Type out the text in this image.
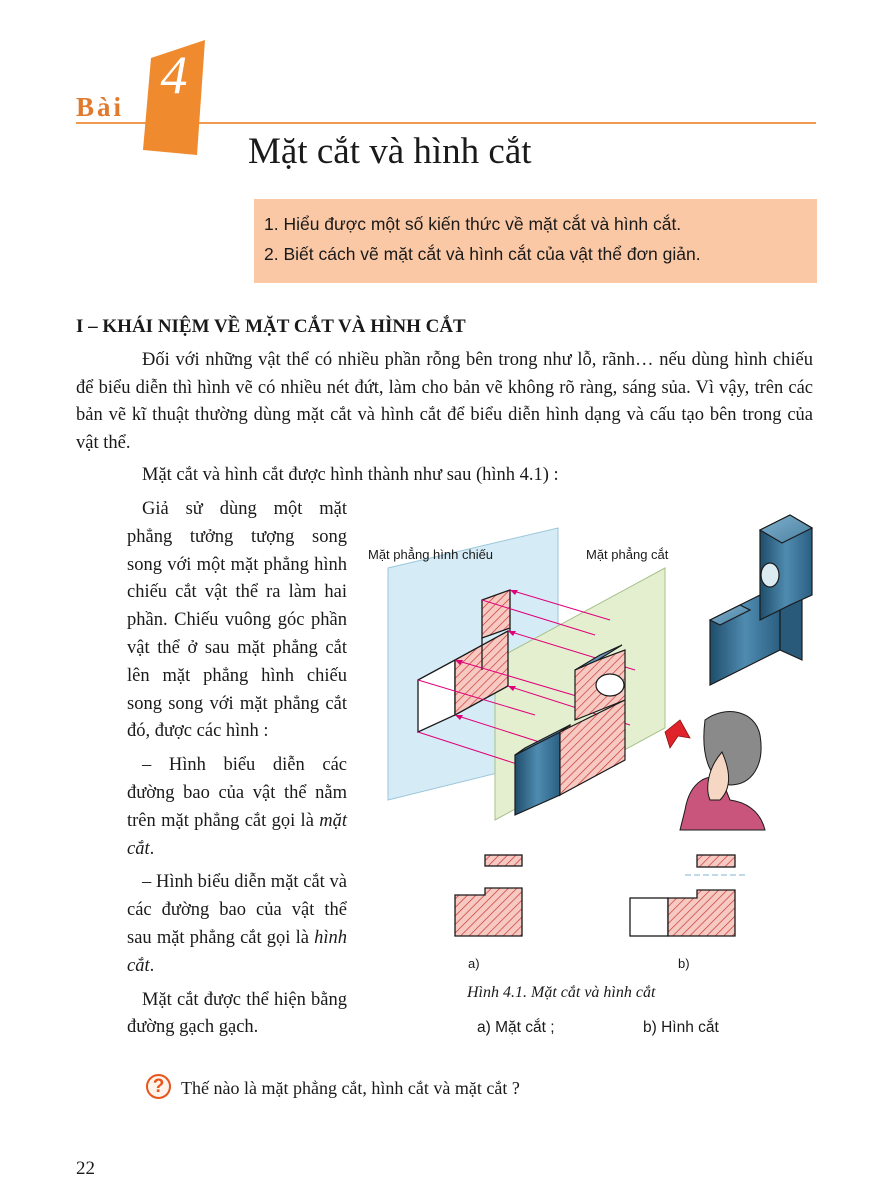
Bài
4
Mặt cắt và hình cắt
1. Hiểu được một số kiến thức về mặt cắt và hình cắt.
2. Biết cách vẽ mặt cắt và hình cắt của vật thể đơn giản.
I – KHÁI NIỆM VỀ MẶT CẮT VÀ HÌNH CẮT
Đối với những vật thể có nhiều phần rỗng bên trong như lỗ, rãnh… nếu dùng hình chiếu để biểu diễn thì hình vẽ có nhiều nét đứt, làm cho bản vẽ không rõ ràng, sáng sủa. Vì vậy, trên các bản vẽ kĩ thuật thường dùng mặt cắt và hình cắt để biểu diễn hình dạng và cấu tạo bên trong của vật thể.
Mặt cắt và hình cắt được hình thành như sau (hình 4.1) :

Giả sử dùng một mặt phẳng tưởng tượng song song với một mặt phẳng hình chiếu cắt vật thể ra làm hai phần. Chiếu vuông góc phần vật thể ở sau mặt phẳng cắt lên mặt phẳng hình chiếu song song với mặt phẳng cắt đó, được các hình :

– Hình biểu diễn các đường bao của vật thể nằm trên mặt phẳng cắt gọi là mặt cắt.

– Hình biểu diễn mặt cắt và các đường bao của vật thể sau mặt phẳng cắt gọi là hình cắt.

Mặt cắt được thể hiện bằng đường gạch gạch.

Mặt phẳng hình chiếu	Mặt phẳng cắt
a)	b)
Hình 4.1. Mặt cắt và hình cắt
a) Mặt cắt ;	b) Hình cắt
? Thế nào là mặt phẳng cắt, hình cắt và mặt cắt ?
22
